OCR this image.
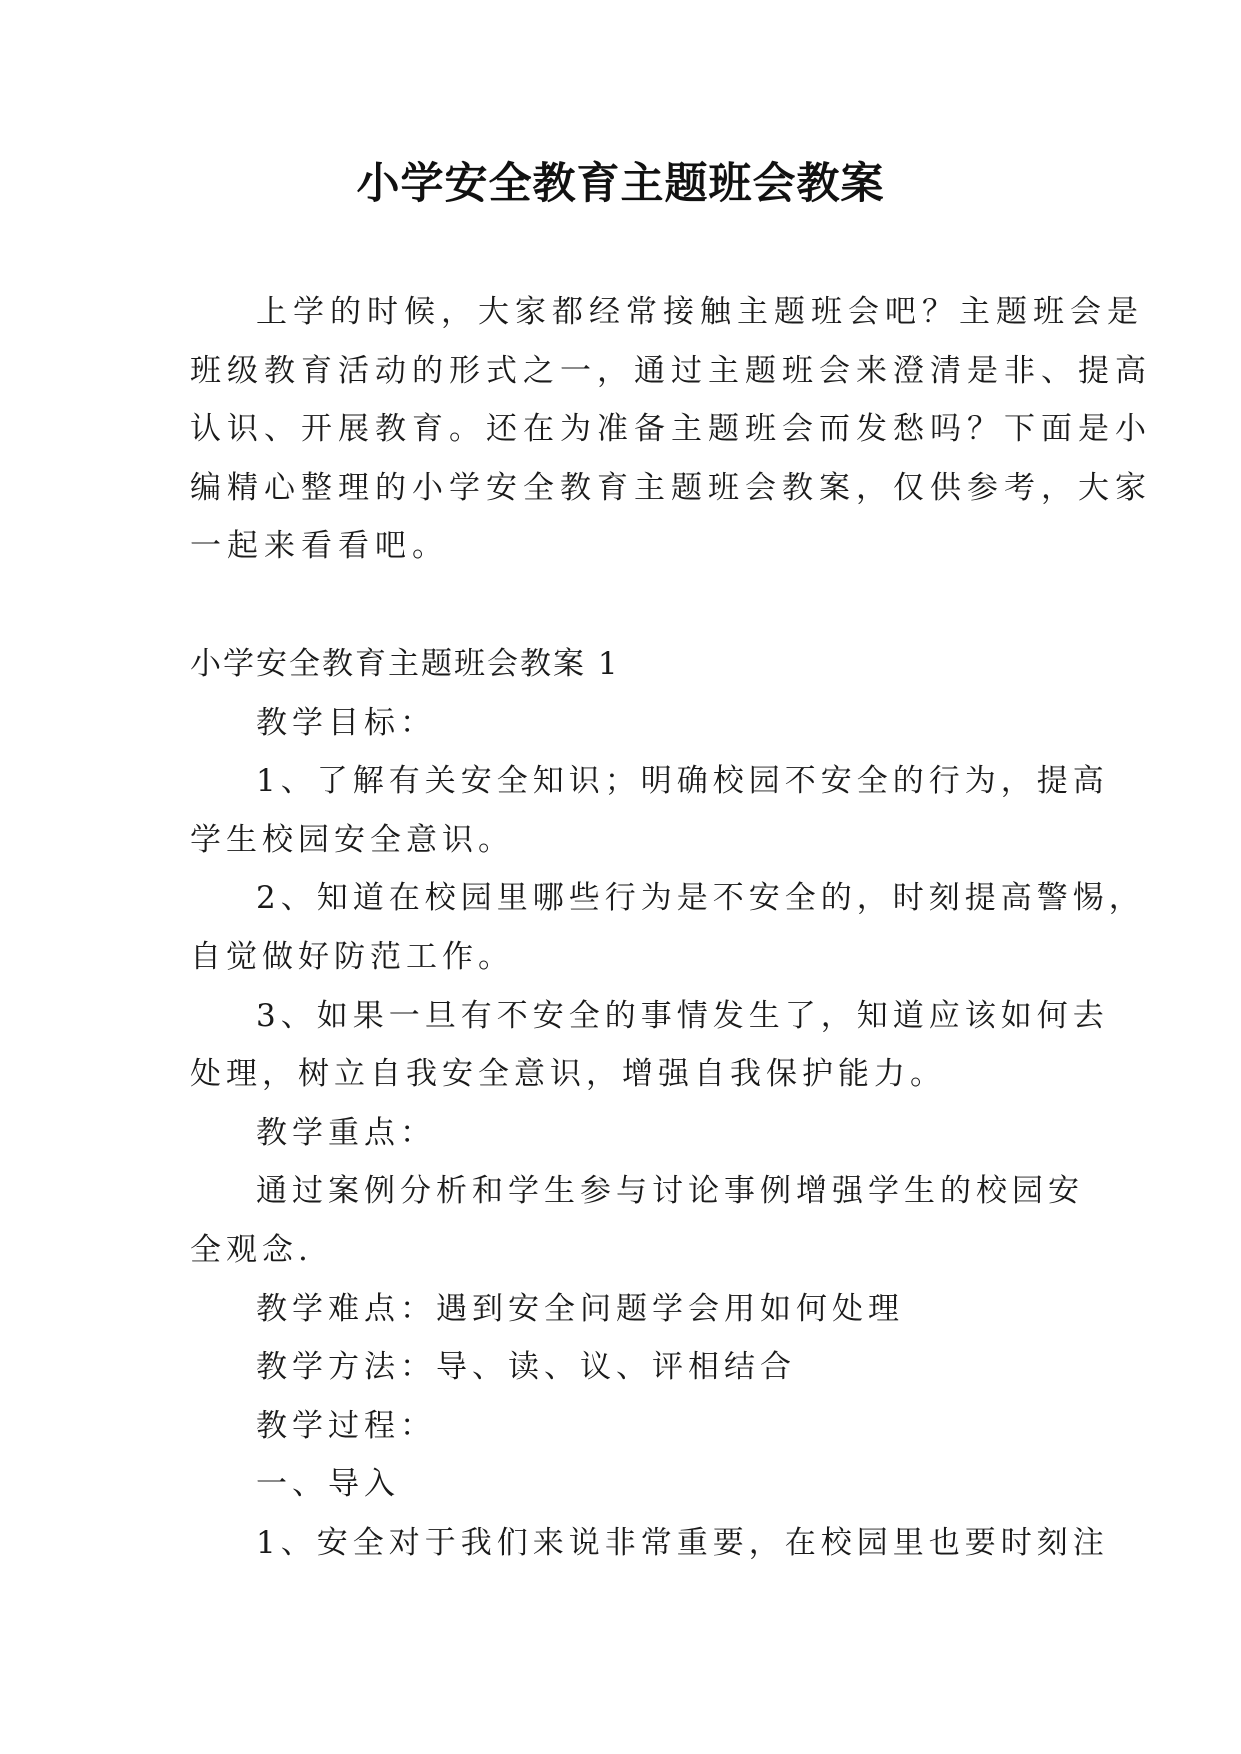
小学安全教育主题班会教案
上学的时候，大家都经常接触主题班会吧？主题班会是
班级教育活动的形式之一，通过主题班会来澄清是非、提高
认识、开展教育。还在为准备主题班会而发愁吗？下面是小
编精心整理的小学安全教育主题班会教案，仅供参考，大家
一起来看看吧。
小学安全教育主题班会教案 1
教学目标：
1、了解有关安全知识；明确校园不安全的行为，提高
学生校园安全意识。
2、知道在校园里哪些行为是不安全的，时刻提高警惕，
自觉做好防范工作。
3、如果一旦有不安全的事情发生了，知道应该如何去
处理，树立自我安全意识，增强自我保护能力。
教学重点：
通过案例分析和学生参与讨论事例增强学生的校园安
全观念.
教学难点：遇到安全问题学会用如何处理
教学方法：导、读、议、评相结合
教学过程：
一、导入
1、安全对于我们来说非常重要，在校园里也要时刻注
